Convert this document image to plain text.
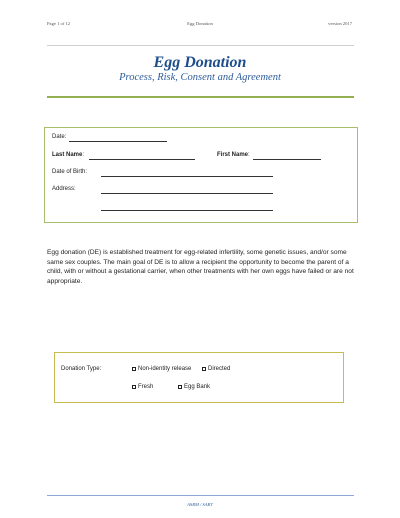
Page 1 of 12	Egg Donation	version 2017
Egg Donation
Process, Risk, Consent and Agreement
Date:
Last Name:	First Name:
Date of Birth:
Address:
Egg donation (DE) is established treatment for egg-related infertility, some genetic issues, and/or some same sex couples. The main goal of DE is to allow a recipient the opportunity to become the parent of a child, with or without a gestational carrier, when other treatments with her own eggs have failed or are not appropriate.
Donation Type:	Non-identity release	Directed
Fresh	Egg Bank
ASRM / SART
